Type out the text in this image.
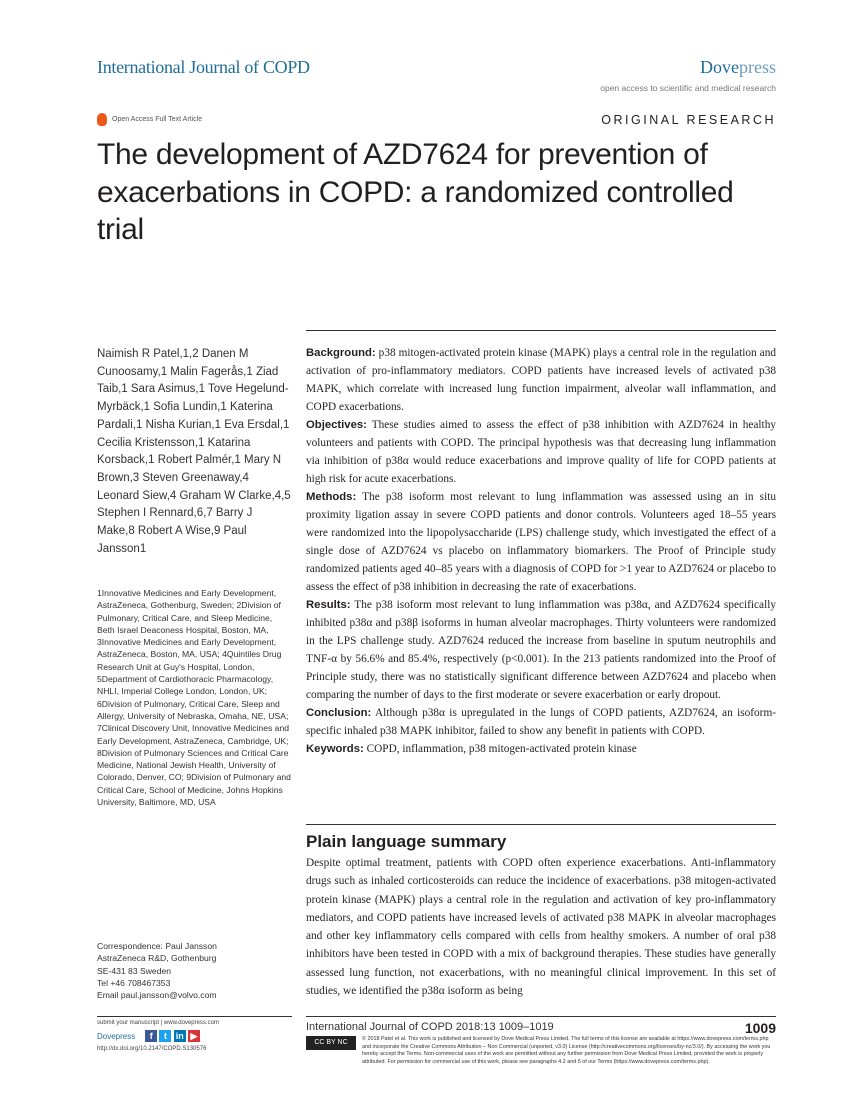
International Journal of COPD	Dovepress
open access to scientific and medical research
Open Access Full Text Article	ORIGINAL RESEARCH
The development of AZD7624 for prevention of exacerbations in COPD: a randomized controlled trial
Naimish R Patel,1,2 Danen M Cunoosamy,1 Malin Fagerås,1 Ziad Taib,1 Sara Asimus,1 Tove Hegelund-Myrbäck,1 Sofia Lundin,1 Katerina Pardali,1 Nisha Kurian,1 Eva Ersdal,1 Cecilia Kristensson,1 Katarina Korsback,1 Robert Palmér,1 Mary N Brown,3 Steven Greenaway,4 Leonard Siew,4 Graham W Clarke,4,5 Stephen I Rennard,6,7 Barry J Make,8 Robert A Wise,9 Paul Jansson1
1Innovative Medicines and Early Development, AstraZeneca, Gothenburg, Sweden; 2Division of Pulmonary, Critical Care, and Sleep Medicine, Beth Israel Deaconess Hospital, Boston, MA, 3Innovative Medicines and Early Development, AstraZeneca, Boston, MA, USA; 4Quintiles Drug Research Unit at Guy's Hospital, London, 5Department of Cardiothoracic Pharmacology, NHLI, Imperial College London, London, UK; 6Division of Pulmonary, Critical Care, Sleep and Allergy, University of Nebraska, Omaha, NE, USA; 7Clinical Discovery Unit, Innovative Medicines and Early Development, AstraZeneca, Cambridge, UK; 8Division of Pulmonary Sciences and Critical Care Medicine, National Jewish Health, University of Colorado, Denver, CO; 9Division of Pulmonary and Critical Care, School of Medicine, Johns Hopkins University, Baltimore, MD, USA
Correspondence: Paul Jansson
AstraZeneca R&D, Gothenburg
SE-431 83 Sweden
Tel +46 708467353
Email paul.jansson@volvo.com

Background: p38 mitogen-activated protein kinase (MAPK) plays a central role in the regulation and activation of pro-inflammatory mediators. COPD patients have increased levels of activated p38 MAPK, which correlate with increased lung function impairment, alveolar wall inflammation, and COPD exacerbations.

Objectives: These studies aimed to assess the effect of p38 inhibition with AZD7624 in healthy volunteers and patients with COPD. The principal hypothesis was that decreasing lung inflammation via inhibition of p38α would reduce exacerbations and improve quality of life for COPD patients at high risk for acute exacerbations.

Methods: The p38 isoform most relevant to lung inflammation was assessed using an in situ proximity ligation assay in severe COPD patients and donor controls. Volunteers aged 18–55 years were randomized into the lipopolysaccharide (LPS) challenge study, which investigated the effect of a single dose of AZD7624 vs placebo on inflammatory biomarkers. The Proof of Principle study randomized patients aged 40–85 years with a diagnosis of COPD for >1 year to AZD7624 or placebo to assess the effect of p38 inhibition in decreasing the rate of exacerbations.

Results: The p38 isoform most relevant to lung inflammation was p38α, and AZD7624 specifically inhibited p38α and p38β isoforms in human alveolar macrophages. Thirty volunteers were randomized in the LPS challenge study. AZD7624 reduced the increase from baseline in sputum neutrophils and TNF-α by 56.6% and 85.4%, respectively (p<0.001). In the 213 patients randomized into the Proof of Principle study, there was no statistically significant difference between AZD7624 and placebo when comparing the number of days to the first moderate or severe exacerbation or early dropout.

Conclusion: Although p38α is upregulated in the lungs of COPD patients, AZD7624, an isoform-specific inhaled p38 MAPK inhibitor, failed to show any benefit in patients with COPD.

Keywords: COPD, inflammation, p38 mitogen-activated protein kinase

Plain language summary
Despite optimal treatment, patients with COPD often experience exacerbations. Anti-inflammatory drugs such as inhaled corticosteroids can reduce the incidence of exacerbations. p38 mitogen-activated protein kinase (MAPK) plays a central role in the regulation and activation of key pro-inflammatory mediators, and COPD patients have increased levels of activated p38 MAPK in alveolar macrophages and other key inflammatory cells compared with cells from healthy smokers. A number of oral p38 inhibitors have been tested in COPD with a mix of background therapies. These studies have generally assessed lung function, not exacerbations, with no meaningful clinical improvement. In this set of studies, we identified the p38α isoform as being
submit your manuscript | www.dovepress.com
Dovepress	f t in ▶
http://dx.doi.org/10.2147/COPD.S130576
International Journal of COPD 2018:13 1009–1019	1009
CC BY NC	© 2018 Patel et al. This work is published and licensed by Dove Medical Press Limited. The full terms of this license are available at https://www.dovepress.com/terms.php and incorporate the Creative Commons Attribution – Non Commercial (unported, v3.0) License (http://creativecommons.org/licenses/by-nc/3.0/). By accessing the work you hereby accept the Terms. Non-commercial uses of the work are permitted without any further permission from Dove Medical Press Limited, provided the work is properly attributed. For permission for commercial use of this work, please see paragraphs 4.2 and 5 of our Terms (https://www.dovepress.com/terms.php).
